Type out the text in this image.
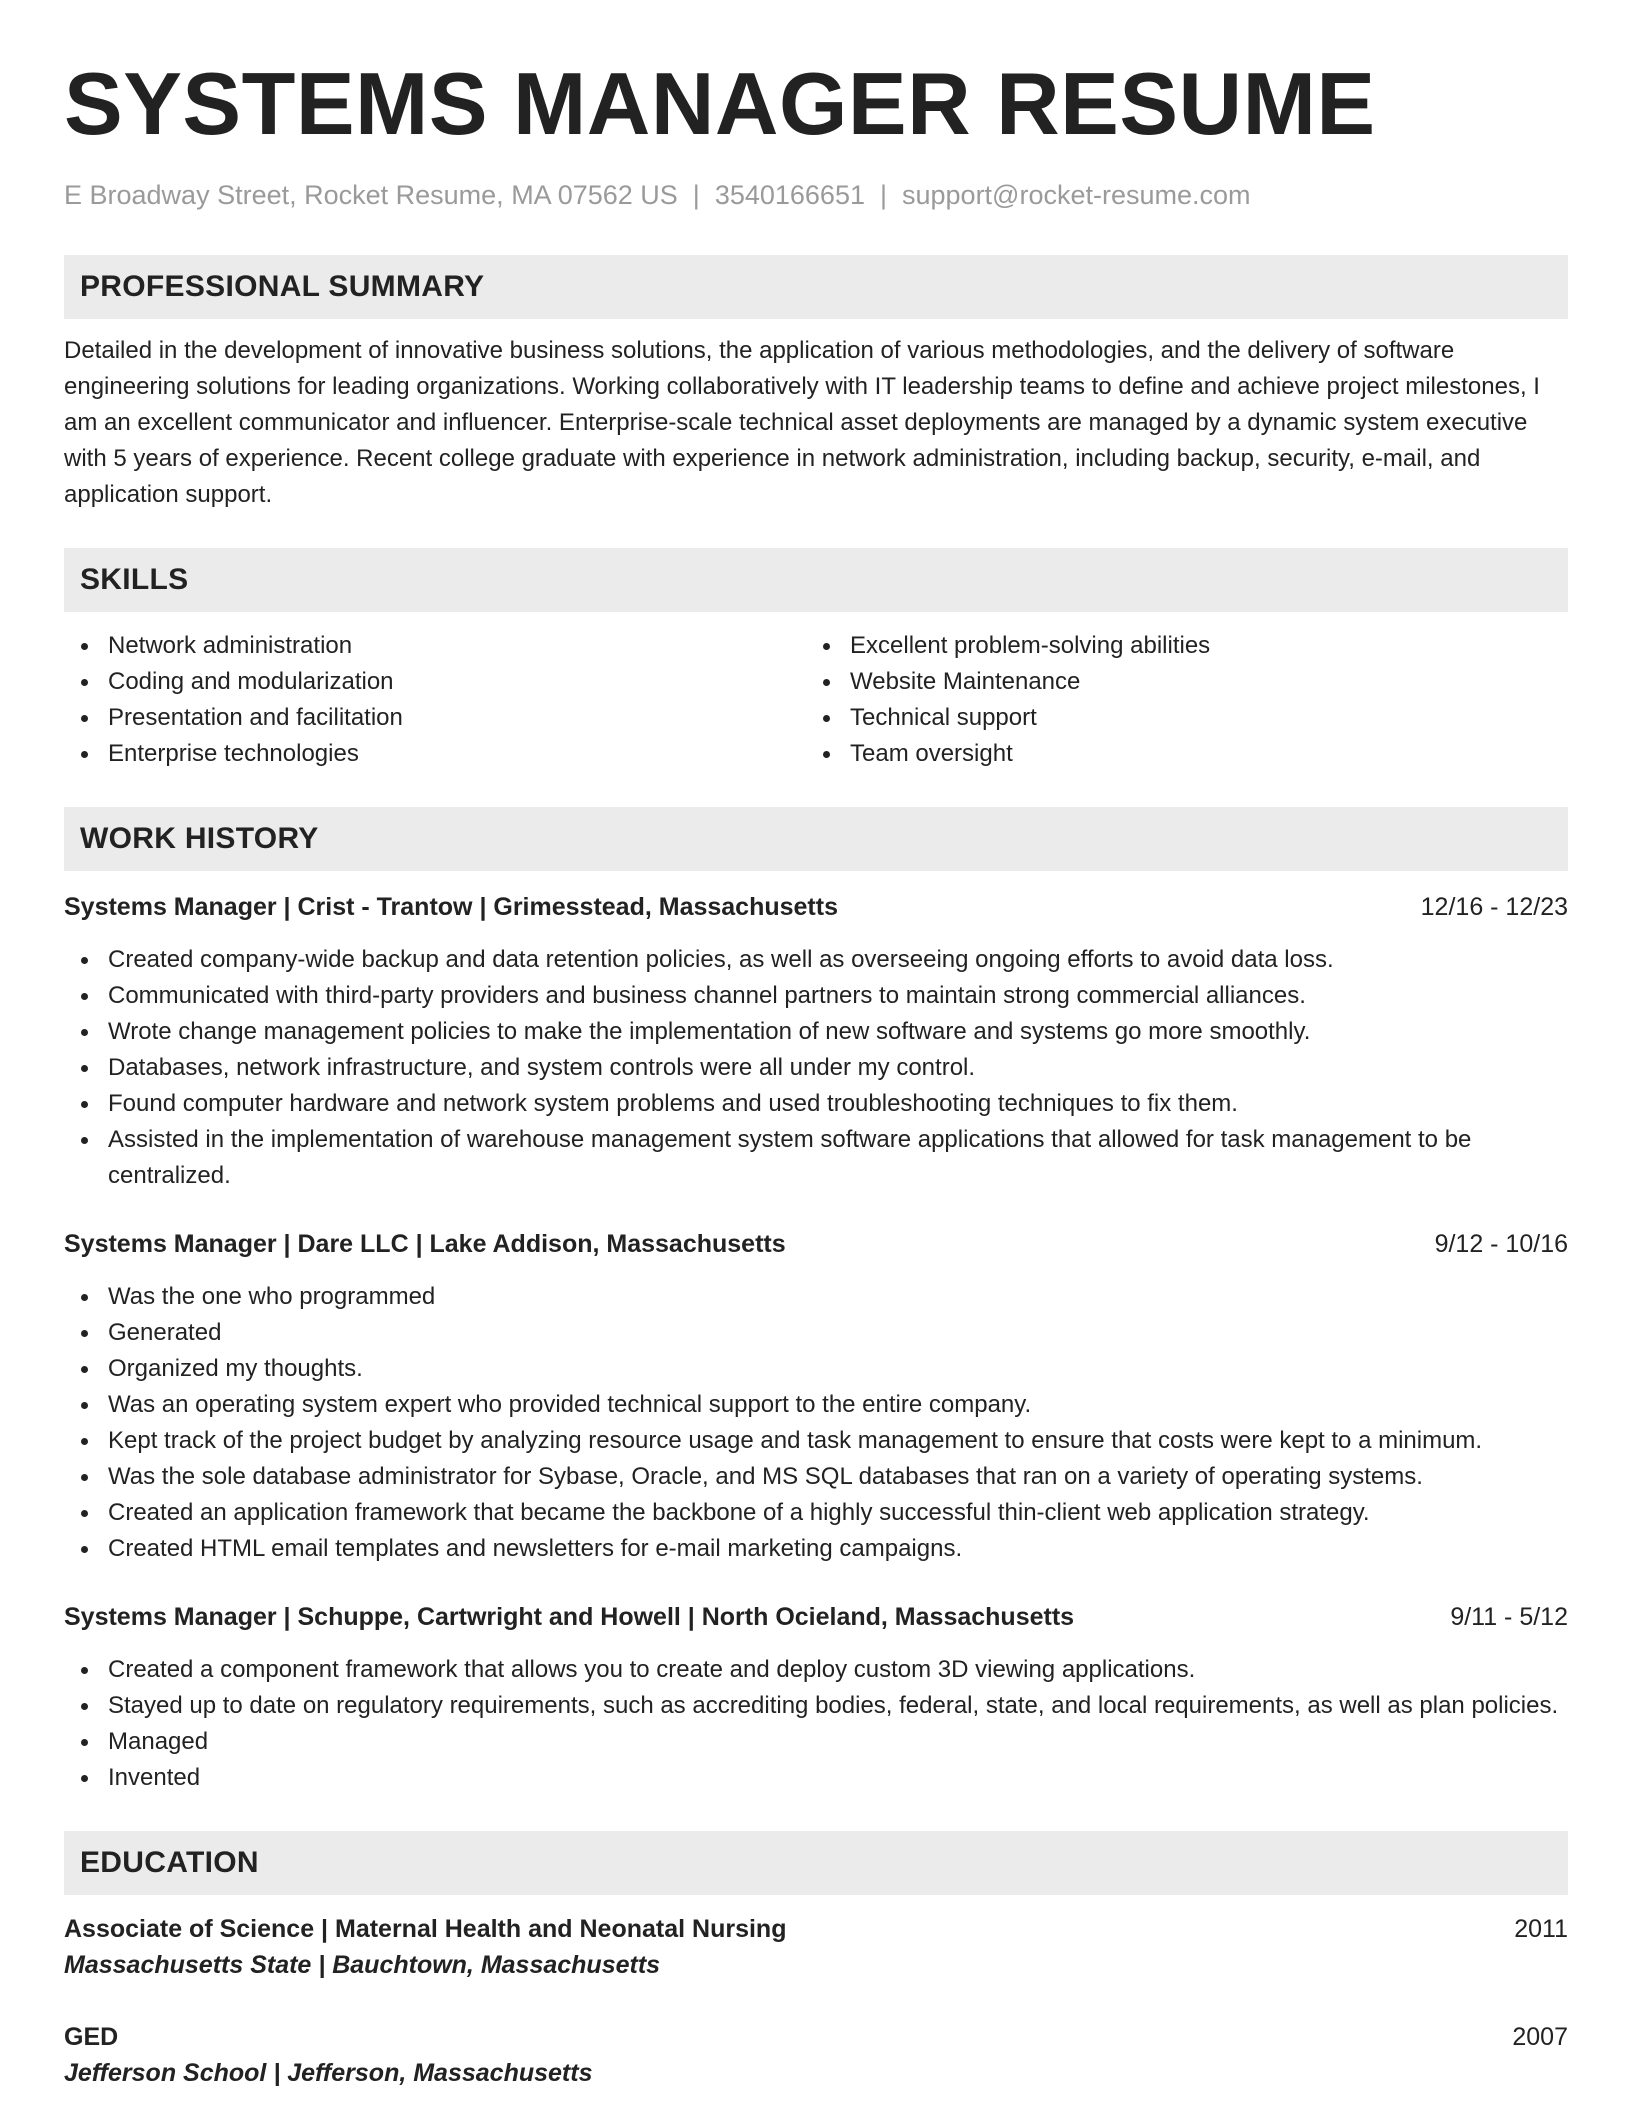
SYSTEMS MANAGER RESUME
E Broadway Street, Rocket Resume, MA 07562 US | 3540166651 | support@rocket-resume.com
PROFESSIONAL SUMMARY

Detailed in the development of innovative business solutions, the application of various methodologies, and the delivery of software engineering solutions for leading organizations. Working collaboratively with IT leadership teams to define and achieve project milestones, I am an excellent communicator and influencer. Enterprise-scale technical asset deployments are managed by a dynamic system executive with 5 years of experience. Recent college graduate with experience in network administration, including backup, security, e-mail, and application support.

SKILLS
Network administration
Coding and modularization
Presentation and facilitation
Enterprise technologies
Excellent problem-solving abilities
Website Maintenance
Technical support
Team oversight
WORK HISTORY
Systems Manager | Crist - Trantow | Grimesstead, Massachusetts	12/16 - 12/23
Created company-wide backup and data retention policies, as well as overseeing ongoing efforts to avoid data loss.
Communicated with third-party providers and business channel partners to maintain strong commercial alliances.
Wrote change management policies to make the implementation of new software and systems go more smoothly.
Databases, network infrastructure, and system controls were all under my control.
Found computer hardware and network system problems and used troubleshooting techniques to fix them.
Assisted in the implementation of warehouse management system software applications that allowed for task management to be centralized.
Systems Manager | Dare LLC | Lake Addison, Massachusetts	9/12 - 10/16
Was the one who programmed
Generated
Organized my thoughts.
Was an operating system expert who provided technical support to the entire company.
Kept track of the project budget by analyzing resource usage and task management to ensure that costs were kept to a minimum.
Was the sole database administrator for Sybase, Oracle, and MS SQL databases that ran on a variety of operating systems.
Created an application framework that became the backbone of a highly successful thin-client web application strategy.
Created HTML email templates and newsletters for e-mail marketing campaigns.
Systems Manager | Schuppe, Cartwright and Howell | North Ocieland, Massachusetts	9/11 - 5/12
Created a component framework that allows you to create and deploy custom 3D viewing applications.
Stayed up to date on regulatory requirements, such as accrediting bodies, federal, state, and local requirements, as well as plan policies.
Managed
Invented
EDUCATION
Associate of Science | Maternal Health and Neonatal Nursing	2011
Massachusetts State | Bauchtown, Massachusetts
GED	2007
Jefferson School | Jefferson, Massachusetts
